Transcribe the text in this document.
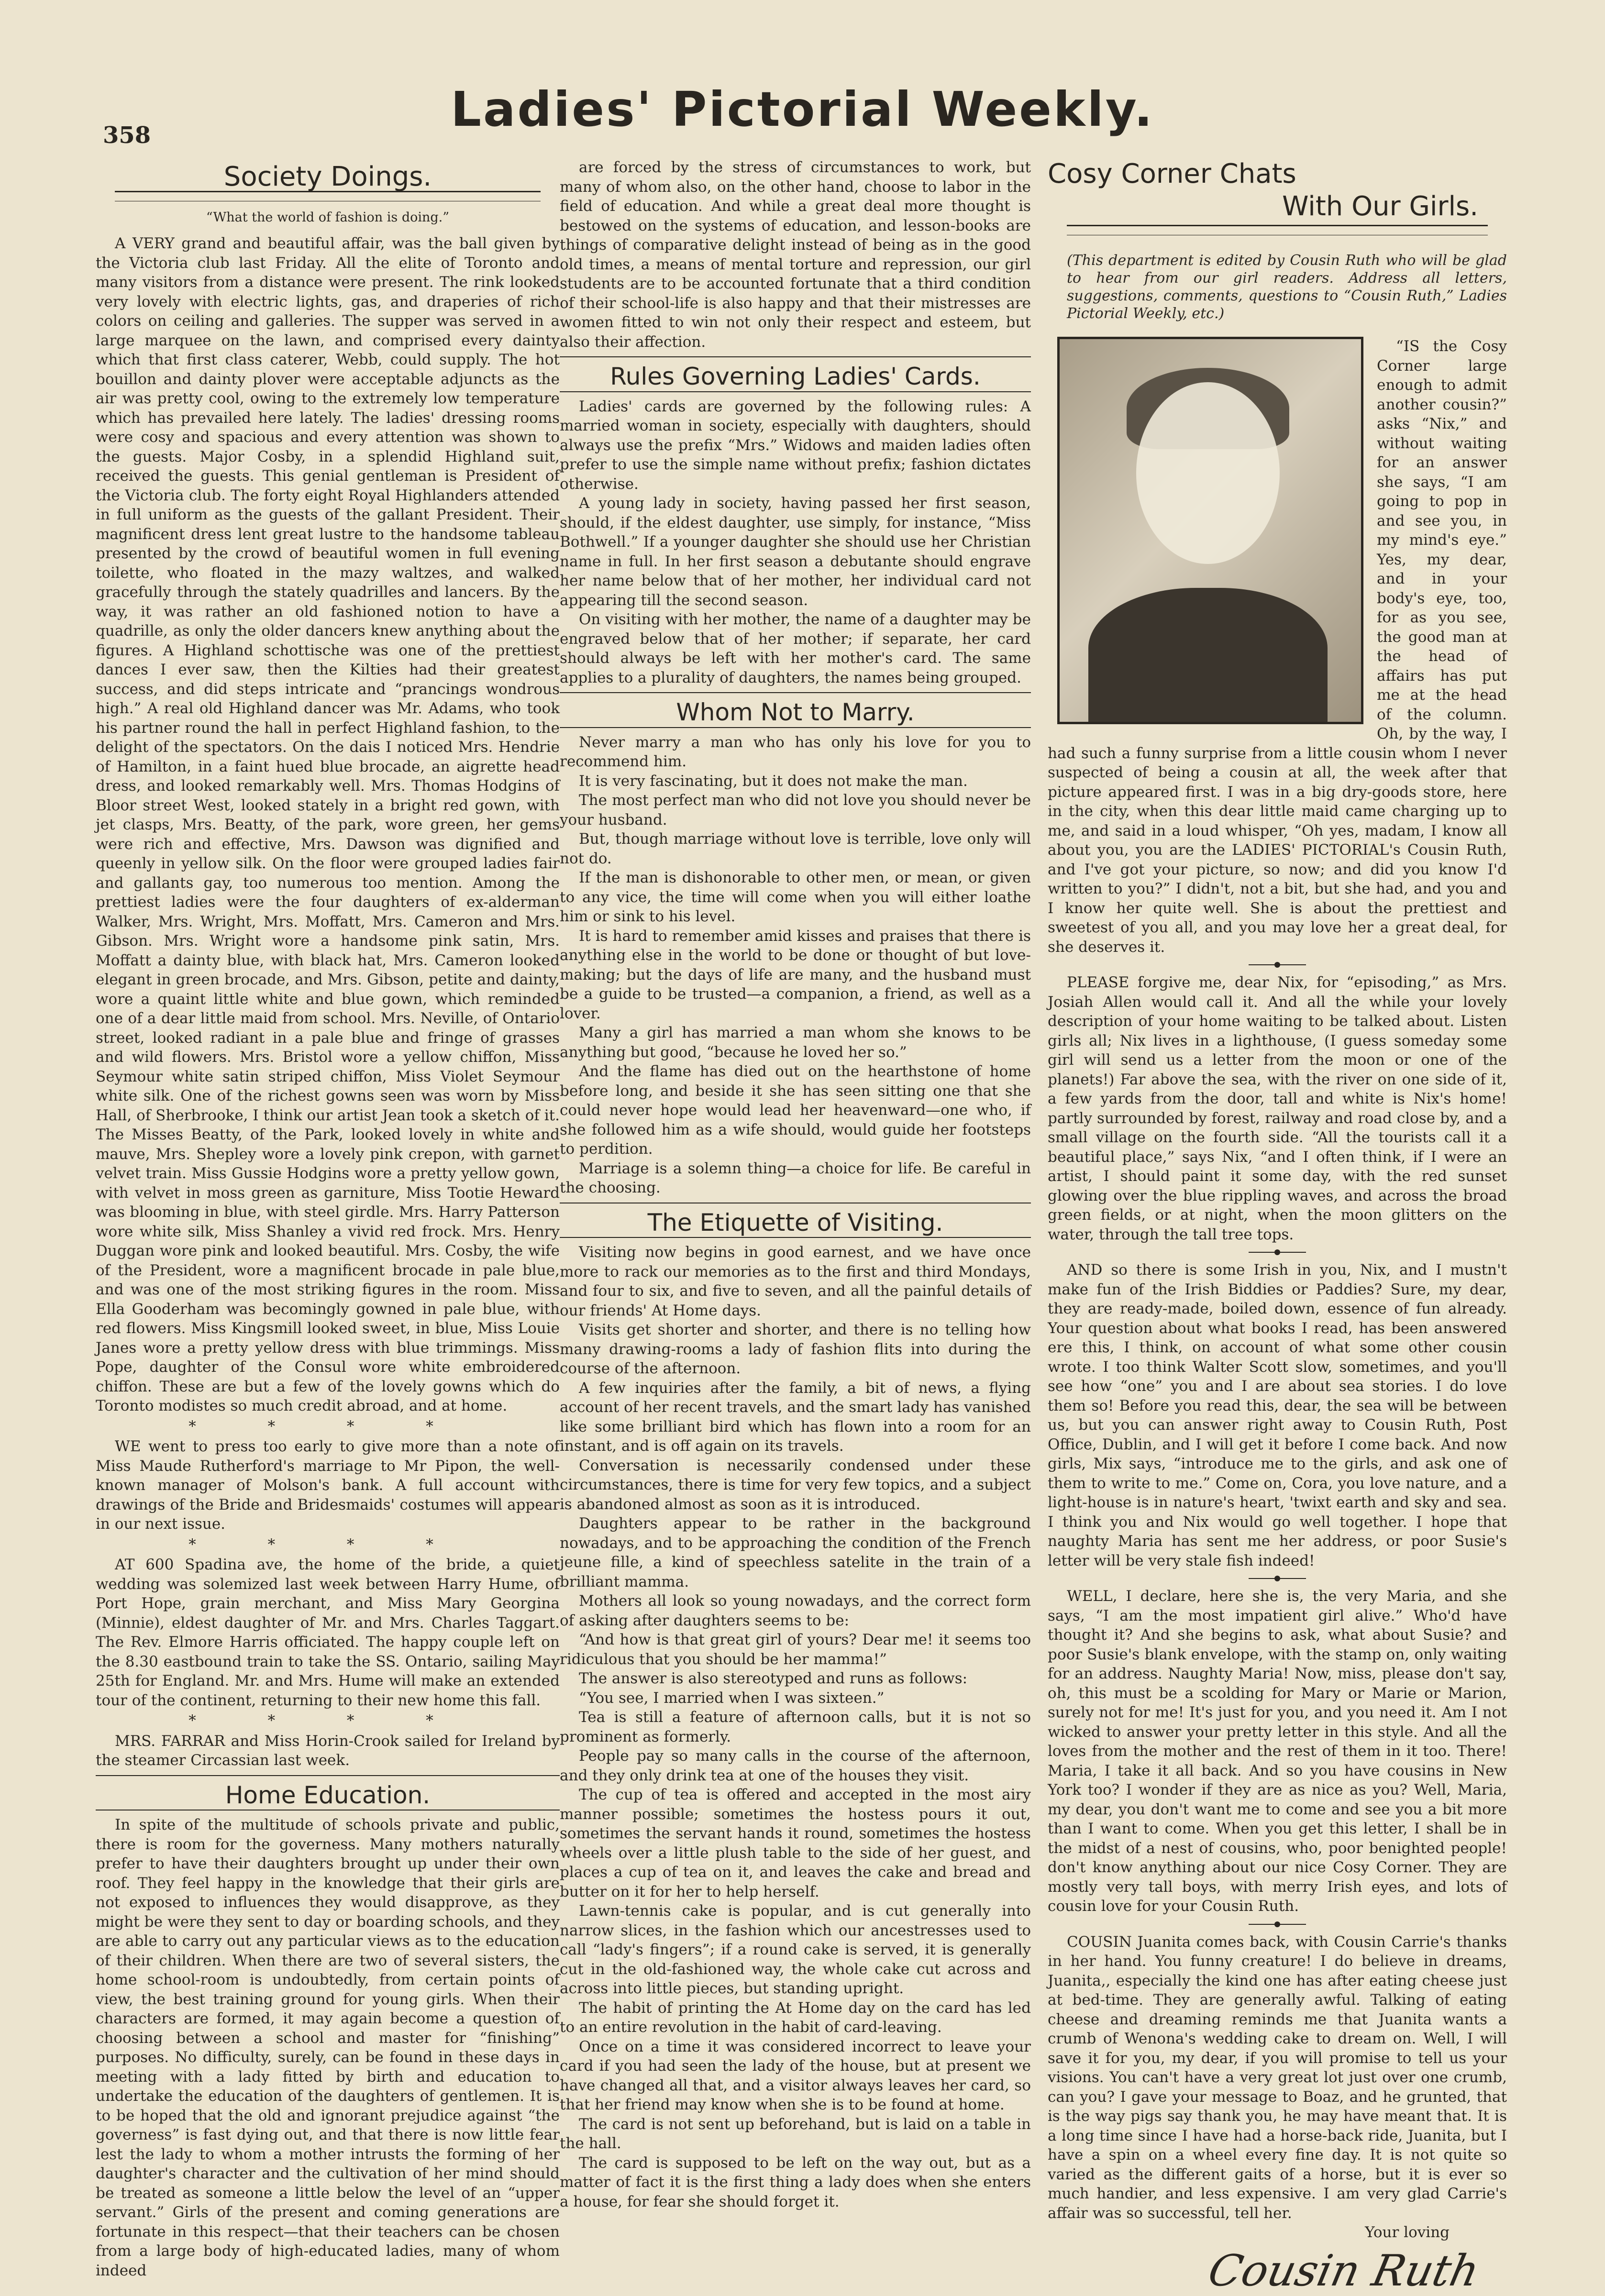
358	Ladies' Pictorial Weekly.
Society Doings.
“What the world of fashion is doing.”

A VERY grand and beautiful affair, was the ball given by the Victoria club last Friday. All the elite of Toronto and many visitors from a distance were present. The rink looked very lovely with electric lights, gas, and draperies of rich colors on ceiling and galleries. The supper was served in a large marquee on the lawn, and comprised every dainty which that first class caterer, Webb, could supply. The hot bouillon and dainty plover were acceptable adjuncts as the air was pretty cool, owing to the extremely low temperature which has prevailed here lately. The ladies' dressing rooms were cosy and spacious and every attention was shown to the guests. Major Cosby, in a splendid Highland suit, received the guests. This genial gentleman is President of the Victoria club. The forty eight Royal Highlanders attended in full uniform as the guests of the gallant President. Their magnificent dress lent great lustre to the handsome tableau presented by the crowd of beautiful women in full evening toilette, who floated in the mazy waltzes, and walked gracefully through the stately quadrilles and lancers. By the way, it was rather an old fashioned notion to have a quadrille, as only the older dancers knew anything about the figures. A Highland schottische was one of the prettiest dances I ever saw, then the Kilties had their greatest success, and did steps intricate and “prancings wondrous high.” A real old Highland dancer was Mr. Adams, who took his partner round the hall in perfect Highland fashion, to the delight of the spectators. On the dais I noticed Mrs. Hendrie of Hamilton, in a faint hued blue brocade, an aigrette head dress, and looked remarkably well. Mrs. Thomas Hodgins of Bloor street West, looked stately in a bright red gown, with jet clasps, Mrs. Beatty, of the park, wore green, her gems were rich and effective, Mrs. Dawson was dignified and queenly in yellow silk. On the floor were grouped ladies fair and gallants gay, too numerous too mention. Among the prettiest ladies were the four daughters of ex-alderman Walker, Mrs. Wright, Mrs. Moffatt, Mrs. Cameron and Mrs. Gibson. Mrs. Wright wore a handsome pink satin, Mrs. Moffatt a dainty blue, with black hat, Mrs. Cameron looked elegant in green brocade, and Mrs. Gibson, petite and dainty, wore a quaint little white and blue gown, which reminded one of a dear little maid from school. Mrs. Neville, of Ontario street, looked radiant in a pale blue and fringe of grasses and wild flowers. Mrs. Bristol wore a yellow chiffon, Miss Seymour white satin striped chiffon, Miss Violet Seymour white silk. One of the richest gowns seen was worn by Miss Hall, of Sherbrooke, I think our artist Jean took a sketch of it. The Misses Beatty, of the Park, looked lovely in white and mauve, Mrs. Shepley wore a lovely pink crepon, with garnet velvet train. Miss Gussie Hodgins wore a pretty yellow gown, with velvet in moss green as garniture, Miss Tootie Heward was blooming in blue, with steel girdle. Mrs. Harry Patterson wore white silk, Miss Shanley a vivid red frock. Mrs. Henry Duggan wore pink and looked beautiful. Mrs. Cosby, the wife of the President, wore a magnificent brocade in pale blue, and was one of the most striking figures in the room. Miss Ella Gooderham was becomingly gowned in pale blue, with red flowers. Miss Kingsmill looked sweet, in blue, Miss Louie Janes wore a pretty yellow dress with blue trimmings. Miss Pope, daughter of the Consul wore white embroidered chiffon. These are but a few of the lovely gowns which do Toronto modistes so much credit abroad, and at home.

* * * *

WE went to press too early to give more than a note of Miss Maude Rutherford's marriage to Mr Pipon, the well-known manager of Molson's bank. A full account with drawings of the Bride and Bridesmaids' costumes will appear in our next issue.

* * * *

AT 600 Spadina ave, the home of the bride, a quiet wedding was solemized last week between Harry Hume, of Port Hope, grain merchant, and Miss Mary Georgina (Minnie), eldest daughter of Mr. and Mrs. Charles Taggart. The Rev. Elmore Harris officiated. The happy couple left on the 8.30 eastbound train to take the SS. Ontario, sailing May 25th for England. Mr. and Mrs. Hume will make an extended tour of the continent, returning to their new home this fall.

* * * *

MRS. FARRAR and Miss Horin-Crook sailed for Ireland by the steamer Circassian last week.

Home Education.

In spite of the multitude of schools private and public, there is room for the governess. Many mothers naturally prefer to have their daughters brought up under their own roof. They feel happy in the knowledge that their girls are not exposed to influences they would disapprove, as they might be were they sent to day or boarding schools, and they are able to carry out any particular views as to the education of their children. When there are two of several sisters, the home school-room is undoubtedly, from certain points of view, the best training ground for young girls. When their characters are formed, it may again become a question of choosing between a school and master for “finishing” purposes. No difficulty, surely, can be found in these days in meeting with a lady fitted by birth and education to undertake the education of the daughters of gentlemen. It is to be hoped that the old and ignorant prejudice against “the governess” is fast dying out, and that there is now little fear lest the lady to whom a mother intrusts the forming of her daughter's character and the cultivation of her mind should be treated as someone a little below the level of an “upper servant.” Girls of the present and coming generations are fortunate in this respect—that their teachers can be chosen from a large body of high-educated ladies, many of whom indeed

are forced by the stress of circumstances to work, but many of whom also, on the other hand, choose to labor in the field of education. And while a great deal more thought is bestowed on the systems of education, and lesson-books are things of comparative delight instead of being as in the good old times, a means of mental torture and repression, our girl students are to be accounted fortunate that a third condition of their school-life is also happy and that their mistresses are women fitted to win not only their respect and esteem, but also their affection.

Rules Governing Ladies' Cards.

Ladies' cards are governed by the following rules: A married woman in society, especially with daughters, should always use the prefix “Mrs.” Widows and maiden ladies often prefer to use the simple name without prefix; fashion dictates otherwise.

A young lady in society, having passed her first season, should, if the eldest daughter, use simply, for instance, “Miss Bothwell.” If a younger daughter she should use her Christian name in full. In her first season a debutante should engrave her name below that of her mother, her individual card not appearing till the second season.

On visiting with her mother, the name of a daughter may be engraved below that of her mother; if separate, her card should always be left with her mother's card. The same applies to a plurality of daughters, the names being grouped.

Whom Not to Marry.

Never marry a man who has only his love for you to recommend him.

It is very fascinating, but it does not make the man.

The most perfect man who did not love you should never be your husband.

But, though marriage without love is terrible, love only will not do.

If the man is dishonorable to other men, or mean, or given to any vice, the time will come when you will either loathe him or sink to his level.

It is hard to remember amid kisses and praises that there is anything else in the world to be done or thought of but love-making; but the days of life are many, and the husband must be a guide to be trusted—a companion, a friend, as well as a lover.

Many a girl has married a man whom she knows to be anything but good, “because he loved her so.”

And the flame has died out on the hearthstone of home before long, and beside it she has seen sitting one that she could never hope would lead her heavenward—one who, if she followed him as a wife should, would guide her footsteps to perdition.

Marriage is a solemn thing—a choice for life. Be careful in the choosing.

The Etiquette of Visiting.

Visiting now begins in good earnest, and we have once more to rack our memories as to the first and third Mondays, and four to six, and five to seven, and all the painful details of our friends' At Home days.

Visits get shorter and shorter, and there is no telling how many drawing-rooms a lady of fashion flits into during the course of the afternoon.

A few inquiries after the family, a bit of news, a flying account of her recent travels, and the smart lady has vanished like some brilliant bird which has flown into a room for an instant, and is off again on its travels.

Conversation is necessarily condensed under these circumstances, there is time for very few topics, and a subject is abandoned almost as soon as it is introduced.

Daughters appear to be rather in the background nowadays, and to be approaching the condition of the French jeune fille, a kind of speechless satelite in the train of a brilliant mamma.

Mothers all look so young nowadays, and the correct form of asking after daughters seems to be:

“And how is that great girl of yours? Dear me! it seems too ridiculous that you should be her mamma!”

The answer is also stereotyped and runs as follows:

“You see, I married when I was sixteen.”

Tea is still a feature of afternoon calls, but it is not so prominent as formerly.

People pay so many calls in the course of the afternoon, and they only drink tea at one of the houses they visit.

The cup of tea is offered and accepted in the most airy manner possible; sometimes the hostess pours it out, sometimes the servant hands it round, sometimes the hostess wheels over a little plush table to the side of her guest, and places a cup of tea on it, and leaves the cake and bread and butter on it for her to help herself.

Lawn-tennis cake is popular, and is cut generally into narrow slices, in the fashion which our ancestresses used to call “lady's fingers”; if a round cake is served, it is generally cut in the old-fashioned way, the whole cake cut across and across into little pieces, but standing upright.

The habit of printing the At Home day on the card has led to an entire revolution in the habit of card-leaving.

Once on a time it was considered incorrect to leave your card if you had seen the lady of the house, but at present we have changed all that, and a visitor always leaves her card, so that her friend may know when she is to be found at home.

The card is not sent up beforehand, but is laid on a table in the hall.

The card is supposed to be left on the way out, but as a matter of fact it is the first thing a lady does when she enters a house, for fear she should forget it.

Cosy Corner Chats
With Our Girls.
(This department is edited by Cousin Ruth who will be glad to hear from our girl readers. Address all letters, suggestions, comments, questions to “Cousin Ruth,” Ladies Pictorial Weekly, etc.)

“IS the Cosy Corner large enough to admit another cousin?” asks “Nix,” and without waiting for an answer she says, “I am going to pop in and see you, in my mind's eye.” Yes, my dear, and in your body's eye, too, for as you see, the good man at the head of affairs has put me at the head of the column. Oh, by the way, I had such a funny surprise from a little cousin whom I never suspected of being a cousin at all, the week after that picture appeared first. I was in a big dry-goods store, here in the city, when this dear little maid came charging up to me, and said in a loud whisper, “Oh yes, madam, I know all about you, you are the LADIES' PICTORIAL's Cousin Ruth, and I've got your picture, so now; and did you know I'd written to you?” I didn't, not a bit, but she had, and you and I know her quite well. She is about the prettiest and sweetest of you all, and you may love her a great deal, for she deserves it.

PLEASE forgive me, dear Nix, for “episoding,” as Mrs. Josiah Allen would call it. And all the while your lovely description of your home waiting to be talked about. Listen girls all; Nix lives in a lighthouse, (I guess someday some girl will send us a letter from the moon or one of the planets!) Far above the sea, with the river on one side of it, a few yards from the door, tall and white is Nix's home! partly surrounded by forest, railway and road close by, and a small village on the fourth side. “All the tourists call it a beautiful place,” says Nix, “and I often think, if I were an artist, I should paint it some day, with the red sunset glowing over the blue rippling waves, and across the broad green fields, or at night, when the moon glitters on the water, through the tall tree tops.

AND so there is some Irish in you, Nix, and I mustn't make fun of the Irish Biddies or Paddies? Sure, my dear, they are ready-made, boiled down, essence of fun already. Your question about what books I read, has been answered ere this, I think, on account of what some other cousin wrote. I too think Walter Scott slow, sometimes, and you'll see how “one” you and I are about sea stories. I do love them so! Before you read this, dear, the sea will be between us, but you can answer right away to Cousin Ruth, Post Office, Dublin, and I will get it before I come back. And now girls, Mix says, “introduce me to the girls, and ask one of them to write to me.” Come on, Cora, you love nature, and a light-house is in nature's heart, 'twixt earth and sky and sea. I think you and Nix would go well together. I hope that naughty Maria has sent me her address, or poor Susie's letter will be very stale fish indeed!

WELL, I declare, here she is, the very Maria, and she says, “I am the most impatient girl alive.” Who'd have thought it? And she begins to ask, what about Susie? and poor Susie's blank envelope, with the stamp on, only waiting for an address. Naughty Maria! Now, miss, please don't say, oh, this must be a scolding for Mary or Marie or Marion, surely not for me! It's just for you, and you need it. Am I not wicked to answer your pretty letter in this style. And all the loves from the mother and the rest of them in it too. There! Maria, I take it all back. And so you have cousins in New York too? I wonder if they are as nice as you? Well, Maria, my dear, you don't want me to come and see you a bit more than I want to come. When you get this letter, I shall be in the midst of a nest of cousins, who, poor benighted people! don't know anything about our nice Cosy Corner. They are mostly very tall boys, with merry Irish eyes, and lots of cousin love for your Cousin Ruth.

COUSIN Juanita comes back, with Cousin Carrie's thanks in her hand. You funny creature! I do believe in dreams, Juanita,, especially the kind one has after eating cheese just at bed-time. They are generally awful. Talking of eating cheese and dreaming reminds me that Juanita wants a crumb of Wenona's wedding cake to dream on. Well, I will save it for you, my dear, if you will promise to tell us your visions. You can't have a very great lot just over one crumb, can you? I gave your message to Boaz, and he grunted, that is the way pigs say thank you, he may have meant that. It is a long time since I have had a horse-back ride, Juanita, but I have a spin on a wheel every fine day. It is not quite so varied as the different gaits of a horse, but it is ever so much handier, and less expensive. I am very glad Carrie's affair was so successful, tell her.

Your loving
Cousin Ruth
